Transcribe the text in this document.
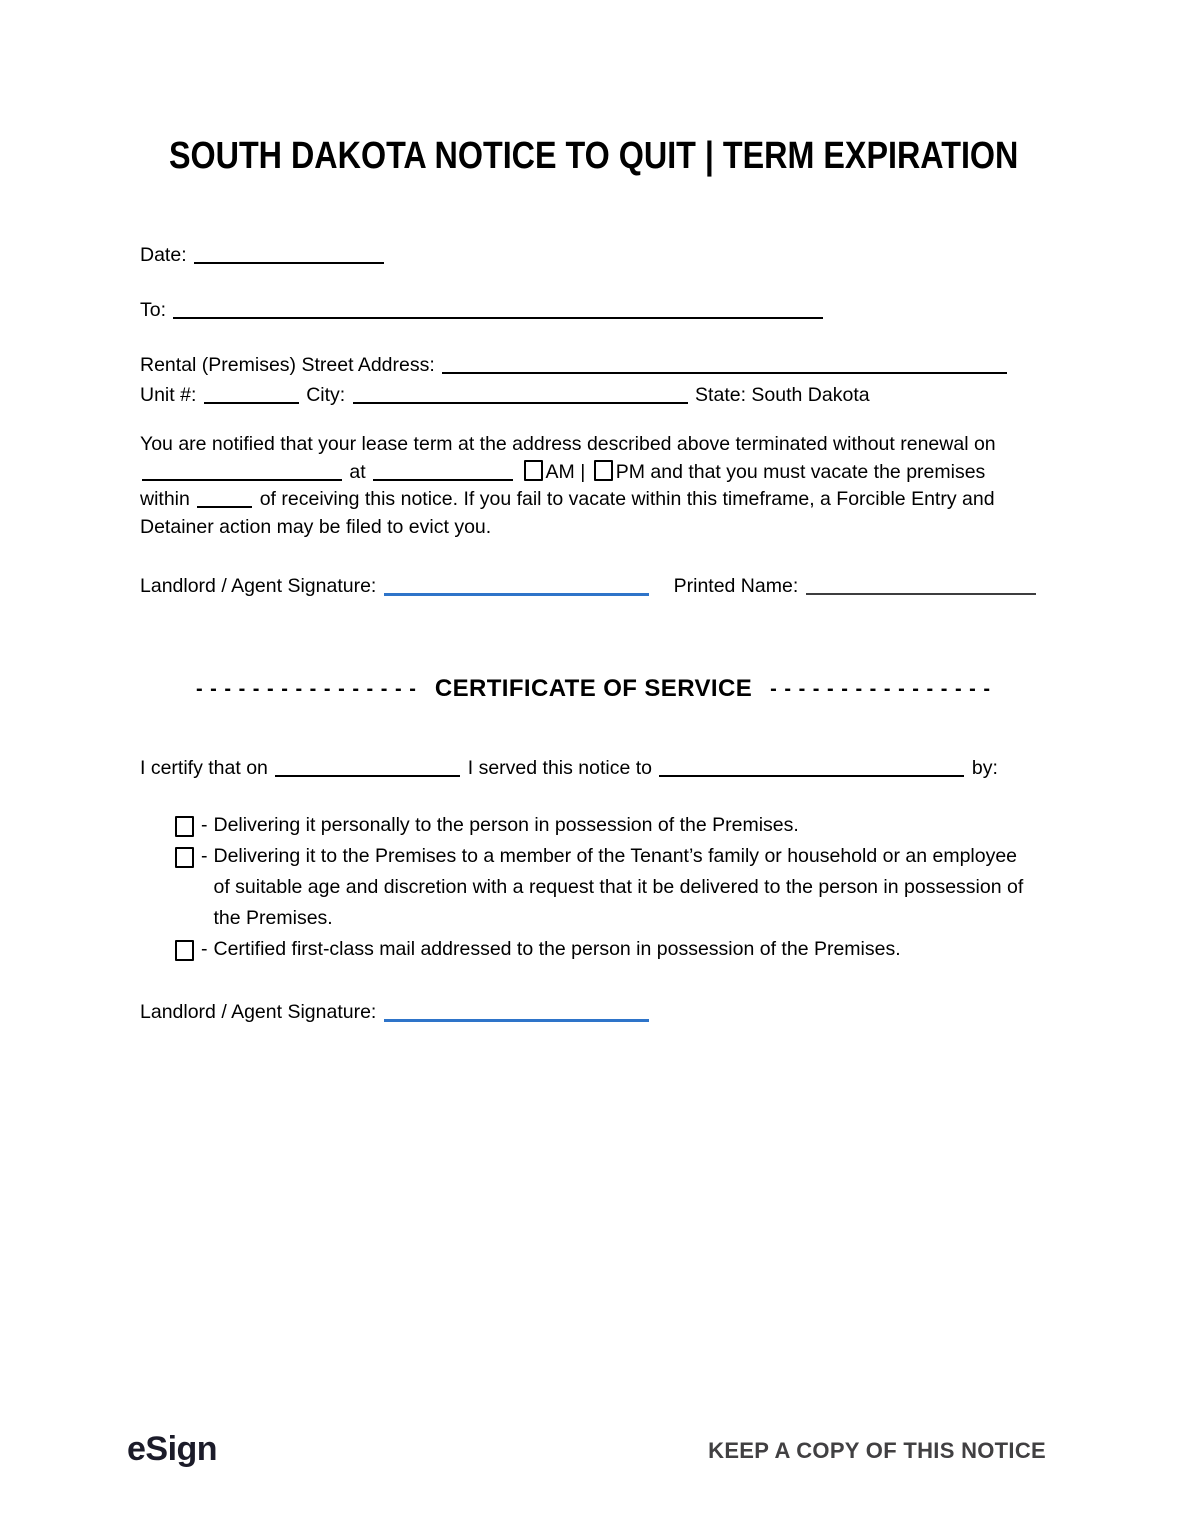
SOUTH DAKOTA NOTICE TO QUIT | TERM EXPIRATION
Date:
To:
Rental (Premises) Street Address:
Unit #:	City:	State: South Dakota

You are notified that your lease term at the address described above terminated without renewal on  at	AM | PM and that you must vacate the premises within	of receiving this notice. If you fail to vacate within this timeframe, a Forcible Entry and Detainer action may be filed to evict you.

Landlord / Agent Signature:	Printed Name:
- - - - - - - - - - - - - - - - CERTIFICATE OF SERVICE - - - - - - - - - - - - - - - -
I certify that on	I served this notice to	by:
- Delivering it personally to the person in possession of the Premises.
- Delivering it to the Premises to a member of the Tenant’s family or household or an employee of suitable age and discretion with a request that it be delivered to the person in possession of the Premises.
- Certified first-class mail addressed to the person in possession of the Premises.
Landlord / Agent Signature:
eSign	KEEP A COPY OF THIS NOTICE
